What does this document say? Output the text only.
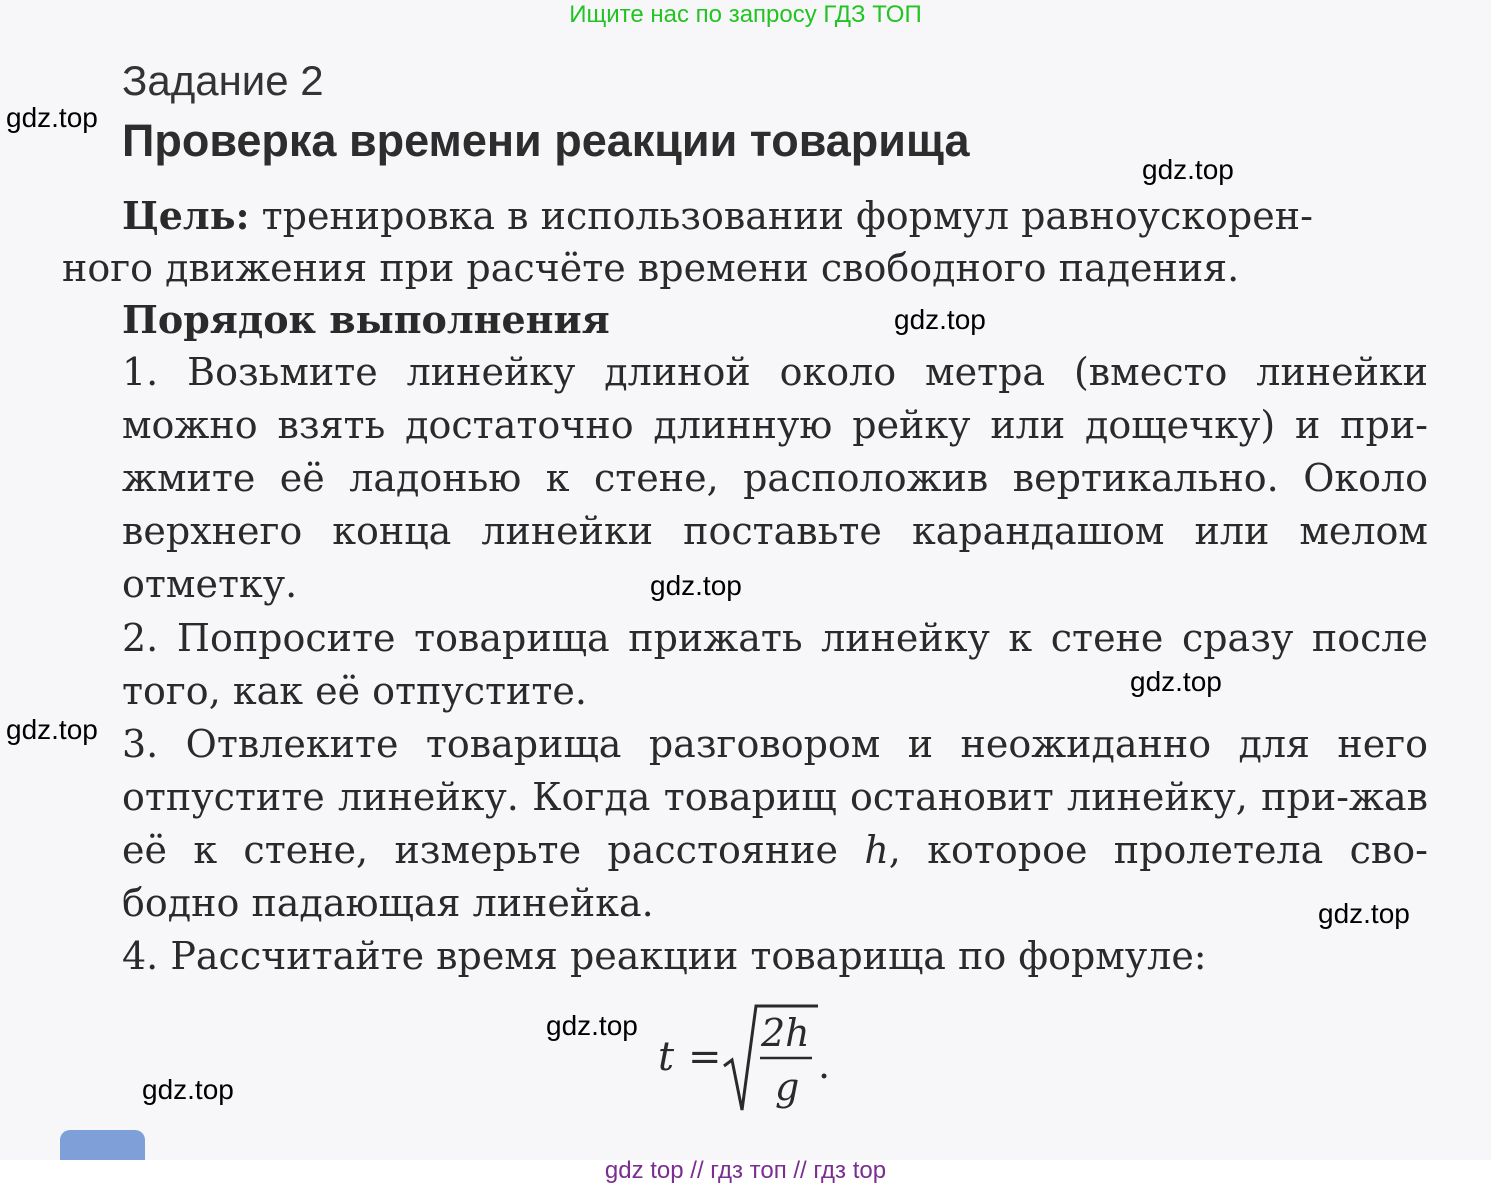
Ищите нас по запросу ГДЗ ТОП
Задание 2
Проверка времени реакции товарища
Цель: тренировка в использовании формул равноускорен-
ного движения при расчёте времени свободного падения.
Порядок выполнения
1. Возьмите линейку длиной около метра (вместо линейки можно взять достаточно длинную рейку или дощечку) и при-жмите её ладонью к стене, расположив вертикально. Около верхнего конца линейки поставьте карандашом или мелом отметку.
2. Попросите товарища прижать линейку к стене сразу после того, как её отпустите.
3. Отвлеките товарища разговором и неожиданно для него отпустите линейку. Когда товарищ остановит линейку, при-жав её к стене, измерьте расстояние h, которое пролетела сво-бодно падающая линейка.
4. Рассчитайте время реакции товарища по формуле:
t =
2h
g .
gdz.top
gdz.top
gdz.top
gdz.top
gdz.top
gdz.top
gdz.top
gdz.top
gdz.top
gdz top // гдз топ // гдз top
